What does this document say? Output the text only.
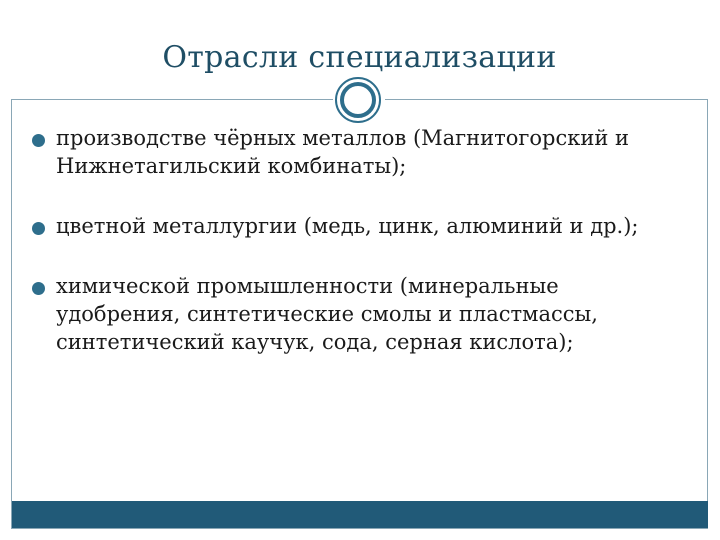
Отрасли специализации
производстве чёрных металлов (Магнитогорский и Нижнетагильский комбинаты);
цветной металлургии (медь, цинк, алюминий и др.);
химической промышленности (минеральные удобрения, синтетические смолы и пластмассы, синтетический каучук, сода, серная кислота);
